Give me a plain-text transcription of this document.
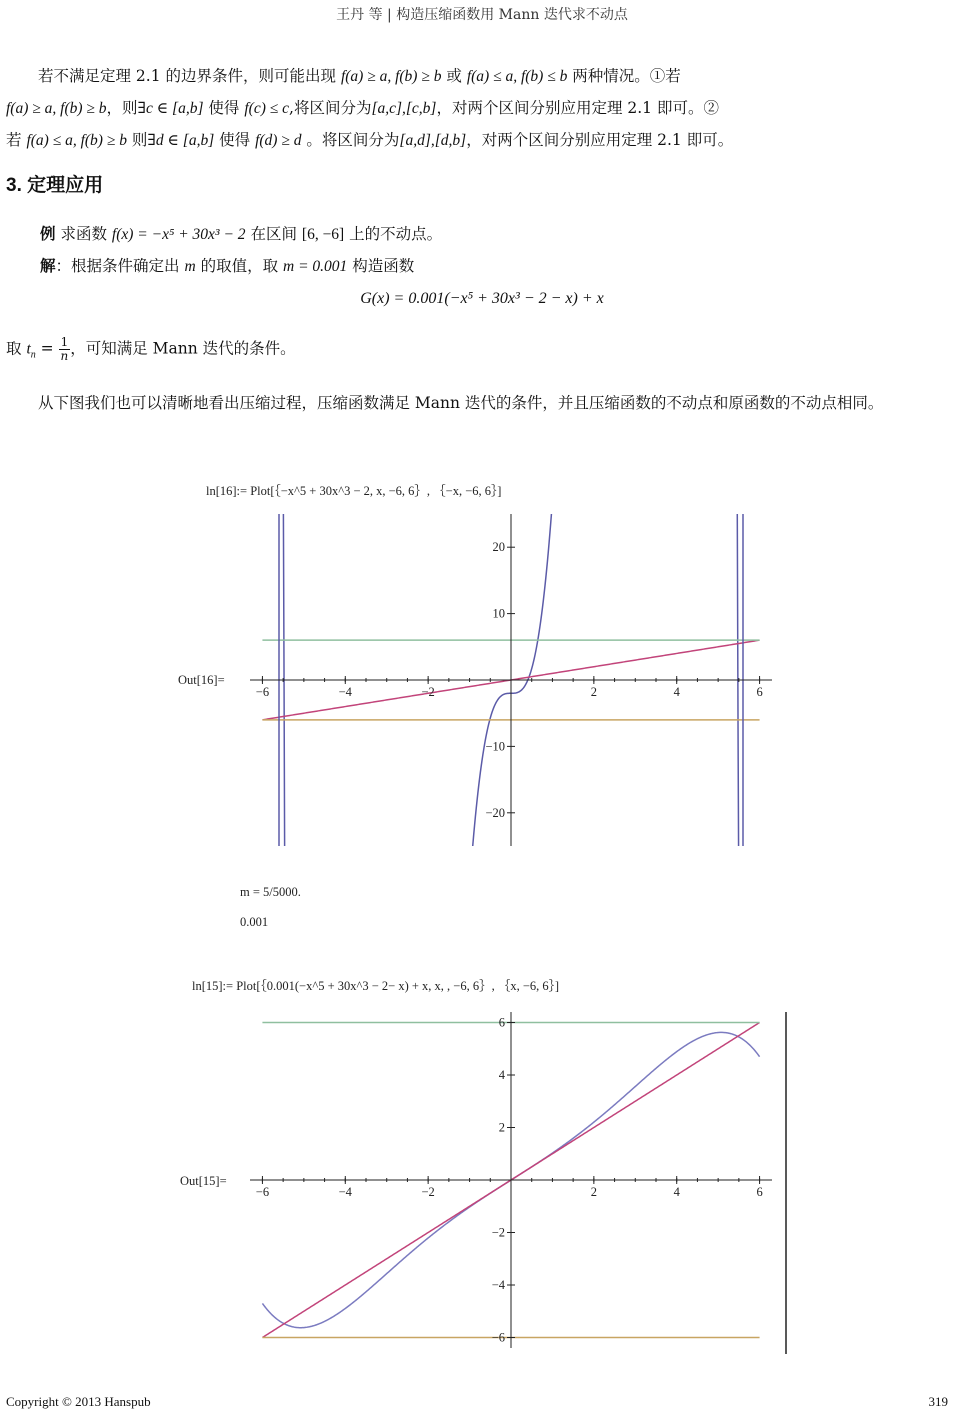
王丹 等 | 构造压缩函数用 Mann 迭代求不动点
若不满足定理 2.1 的边界条件，则可能出现 f(a) ≥ a, f(b) ≥ b 或 f(a) ≤ a, f(b) ≤ b 两种情况。①若
f(a) ≥ a, f(b) ≥ b，则∃c ∈ [a,b] 使得 f(c) ≤ c,将区间分为[a,c],[c,b]，对两个区间分别应用定理 2.1 即可。②
若 f(a) ≤ a, f(b) ≥ b 则∃d ∈ [a,b] 使得 f(d) ≥ d 。将区间分为[a,d],[d,b]，对两个区间分别应用定理 2.1 即可。
3. 定理应用
例 求函数 f(x) = −x⁵ + 30x³ − 2 在区间 [6, −6] 上的不动点。
解：根据条件确定出 m 的取值，取 m = 0.001 构造函数
G(x) = 0.001(−x⁵ + 30x³ − 2 − x) + x
取 $t_n = \frac{1}{n}$ ，可知满足 Mann 迭代的条件。
从下图我们也可以清晰地看出压缩过程，压缩函数满足 Mann 迭代的条件，并且压缩函数的不动点和原函数的不动点相同。
ln[16]:= Plot[｛−x^5 + 30x^3 − 2, x, −6, 6｝, ｛−x, −6, 6｝]
Out[16]=
−6	−4	−2	2	4	6
20
10
−10
−20
m = 5/5000.
0.001
ln[15]:= Plot[｛0.001(−x^5 + 30x^3 − 2− x) + x, x, , −6, 6｝, ｛x, −6, 6｝]
Out[15]=
−6	−4	−2	2	4	6
6
4
2
−2
−4
−6
Copyright © 2013 Hanspub	319
